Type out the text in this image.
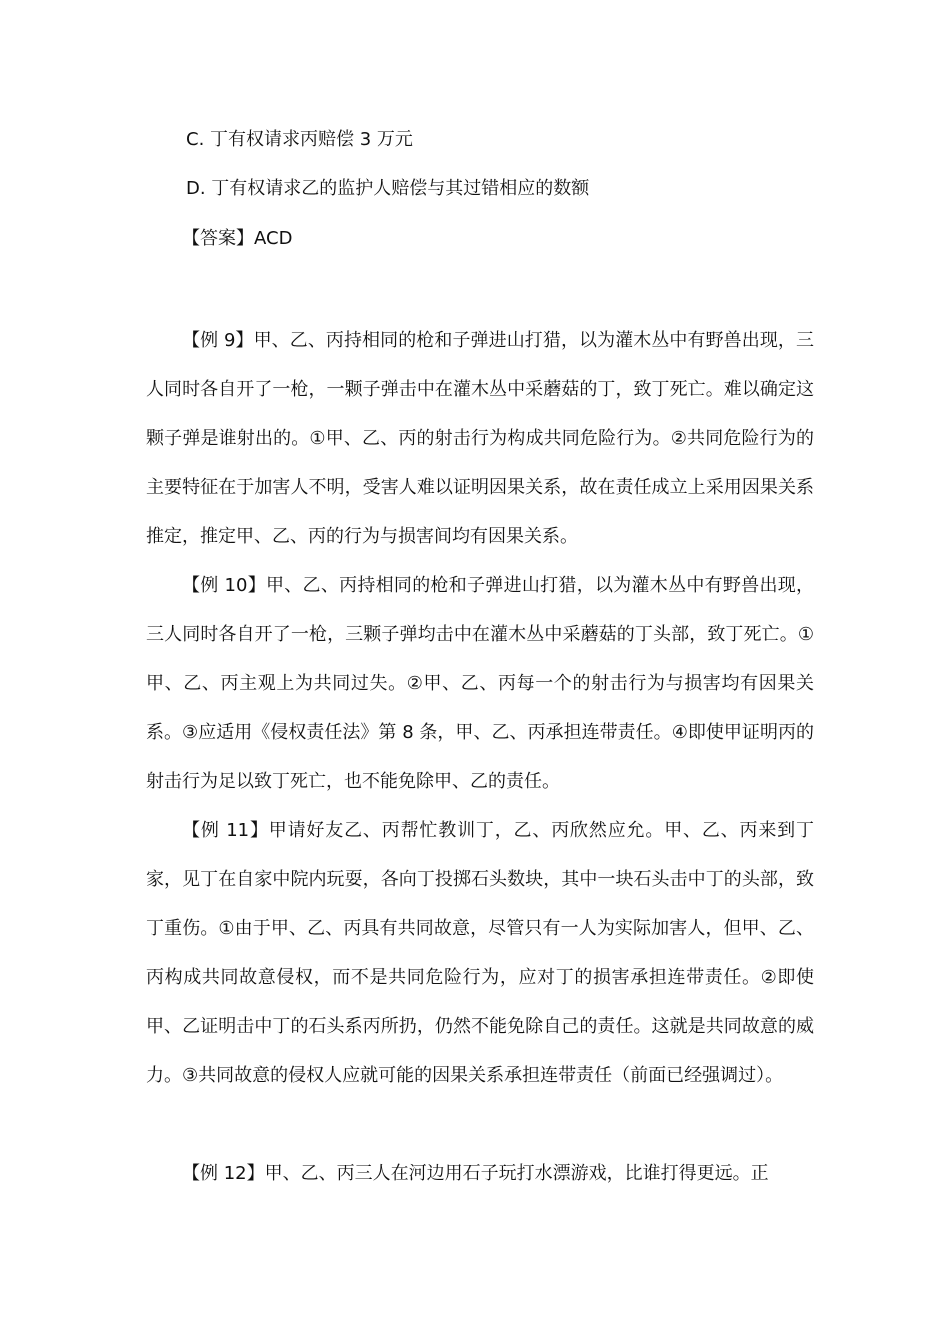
C. 丁有权请求丙赔偿 3 万元
D. 丁有权请求乙的监护人赔偿与其过错相应的数额
【答案】ACD

【例 9】甲、乙、丙持相同的枪和子弹进山打猎，以为灌木丛中有野兽出现，三人同时各自开了一枪，一颗子弹击中在灌木丛中采蘑菇的丁，致丁死亡。难以确定这颗子弹是谁射出的。①甲、乙、丙的射击行为构成共同危险行为。②共同危险行为的主要特征在于加害人不明，受害人难以证明因果关系，故在责任成立上采用因果关系推定，推定甲、乙、丙的行为与损害间均有因果关系。

【例 10】甲、乙、丙持相同的枪和子弹进山打猎，以为灌木丛中有野兽出现，三人同时各自开了一枪，三颗子弹均击中在灌木丛中采蘑菇的丁头部，致丁死亡。①甲、乙、丙主观上为共同过失。②甲、乙、丙每一个的射击行为与损害均有因果关系。③应适用《侵权责任法》第 8 条，甲、乙、丙承担连带责任。④即使甲证明丙的射击行为足以致丁死亡，也不能免除甲、乙的责任。

【例 11】甲请好友乙、丙帮忙教训丁，乙、丙欣然应允。甲、乙、丙来到丁家，见丁在自家中院内玩耍，各向丁投掷石头数块，其中一块石头击中丁的头部，致丁重伤。①由于甲、乙、丙具有共同故意，尽管只有一人为实际加害人，但甲、乙、丙构成共同故意侵权，而不是共同危险行为，应对丁的损害承担连带责任。②即使甲、乙证明击中丁的石头系丙所扔，仍然不能免除自己的责任。这就是共同故意的威力。③共同故意的侵权人应就可能的因果关系承担连带责任（前面已经强调过）。

【例 12】甲、乙、丙三人在河边用石子玩打水漂游戏，比谁打得更远。正
